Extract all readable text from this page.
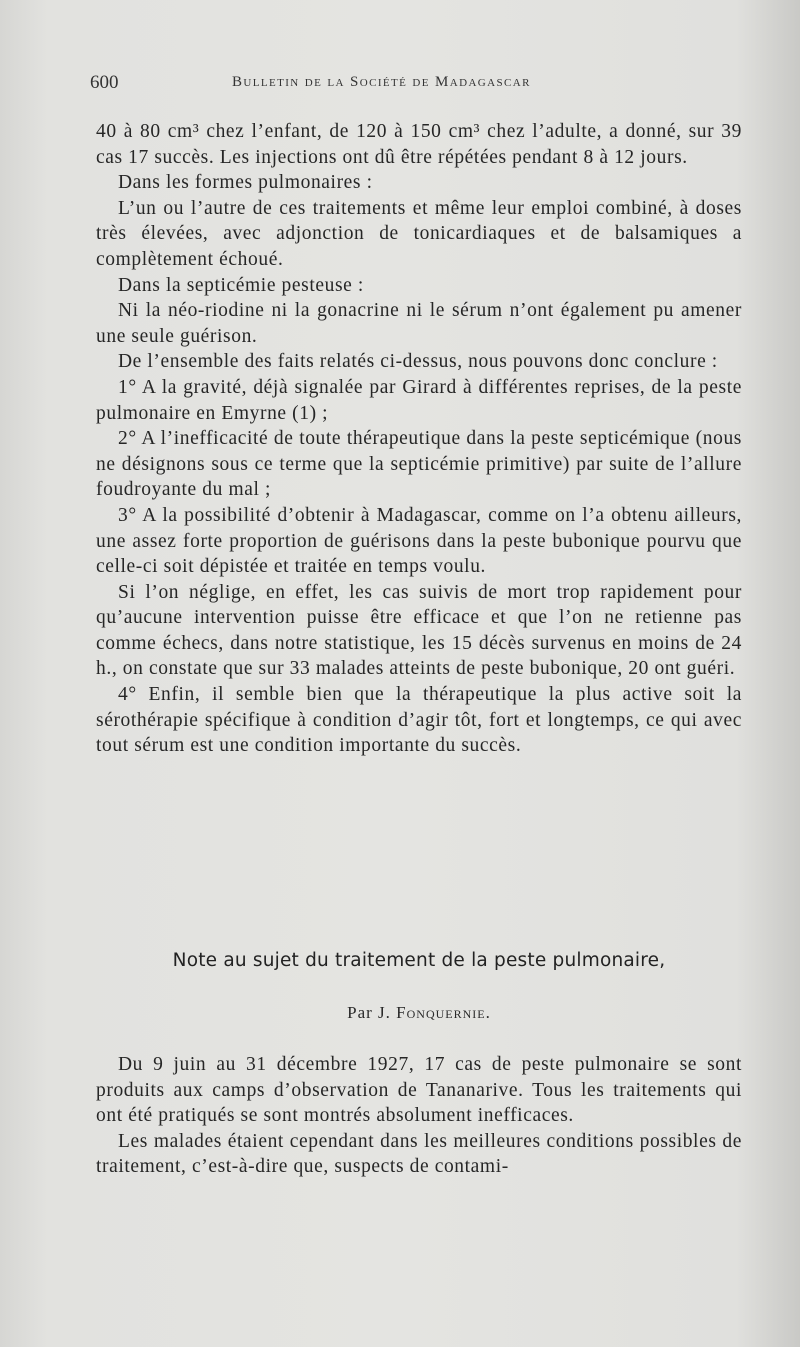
600	Bulletin de la Société de Madagascar

40 à 80 cm³ chez l’enfant, de 120 à 150 cm³ chez l’adulte, a donné, sur 39 cas 17 succès. Les injections ont dû être répétées pendant 8 à 12 jours.

Dans les formes pulmonaires :

L’un ou l’autre de ces traitements et même leur emploi combiné, à doses très élevées, avec adjonction de tonicardiaques et de balsamiques a complètement échoué.

Dans la septicémie pesteuse :

Ni la néo-riodine ni la gonacrine ni le sérum n’ont également pu amener une seule guérison.

De l’ensemble des faits relatés ci-dessus, nous pouvons donc conclure :

1° A la gravité, déjà signalée par Girard à différentes reprises, de la peste pulmonaire en Emyrne (1) ;

2° A l’inefficacité de toute thérapeutique dans la peste septicémique (nous ne désignons sous ce terme que la septicémie primitive) par suite de l’allure foudroyante du mal ;

3° A la possibilité d’obtenir à Madagascar, comme on l’a obtenu ailleurs, une assez forte proportion de guérisons dans la peste bubonique pourvu que celle-ci soit dépistée et traitée en temps voulu.

Si l’on néglige, en effet, les cas suivis de mort trop rapidement pour qu’aucune intervention puisse être efficace et que l’on ne retienne pas comme échecs, dans notre statistique, les 15 décès survenus en moins de 24 h., on constate que sur 33 malades atteints de peste bubonique, 20 ont guéri.

4° Enfin, il semble bien que la thérapeutique la plus active soit la sérothérapie spécifique à condition d’agir tôt, fort et longtemps, ce qui avec tout sérum est une condition importante du succès.

Note au sujet du traitement de la peste pulmonaire,
Par J. Fonquernie.

Du 9 juin au 31 décembre 1927, 17 cas de peste pulmonaire se sont produits aux camps d’observation de Tananarive. Tous les traitements qui ont été pratiqués se sont montrés absolument inefficaces.

Les malades étaient cependant dans les meilleures conditions possibles de traitement, c’est-à-dire que, suspects de contami-
